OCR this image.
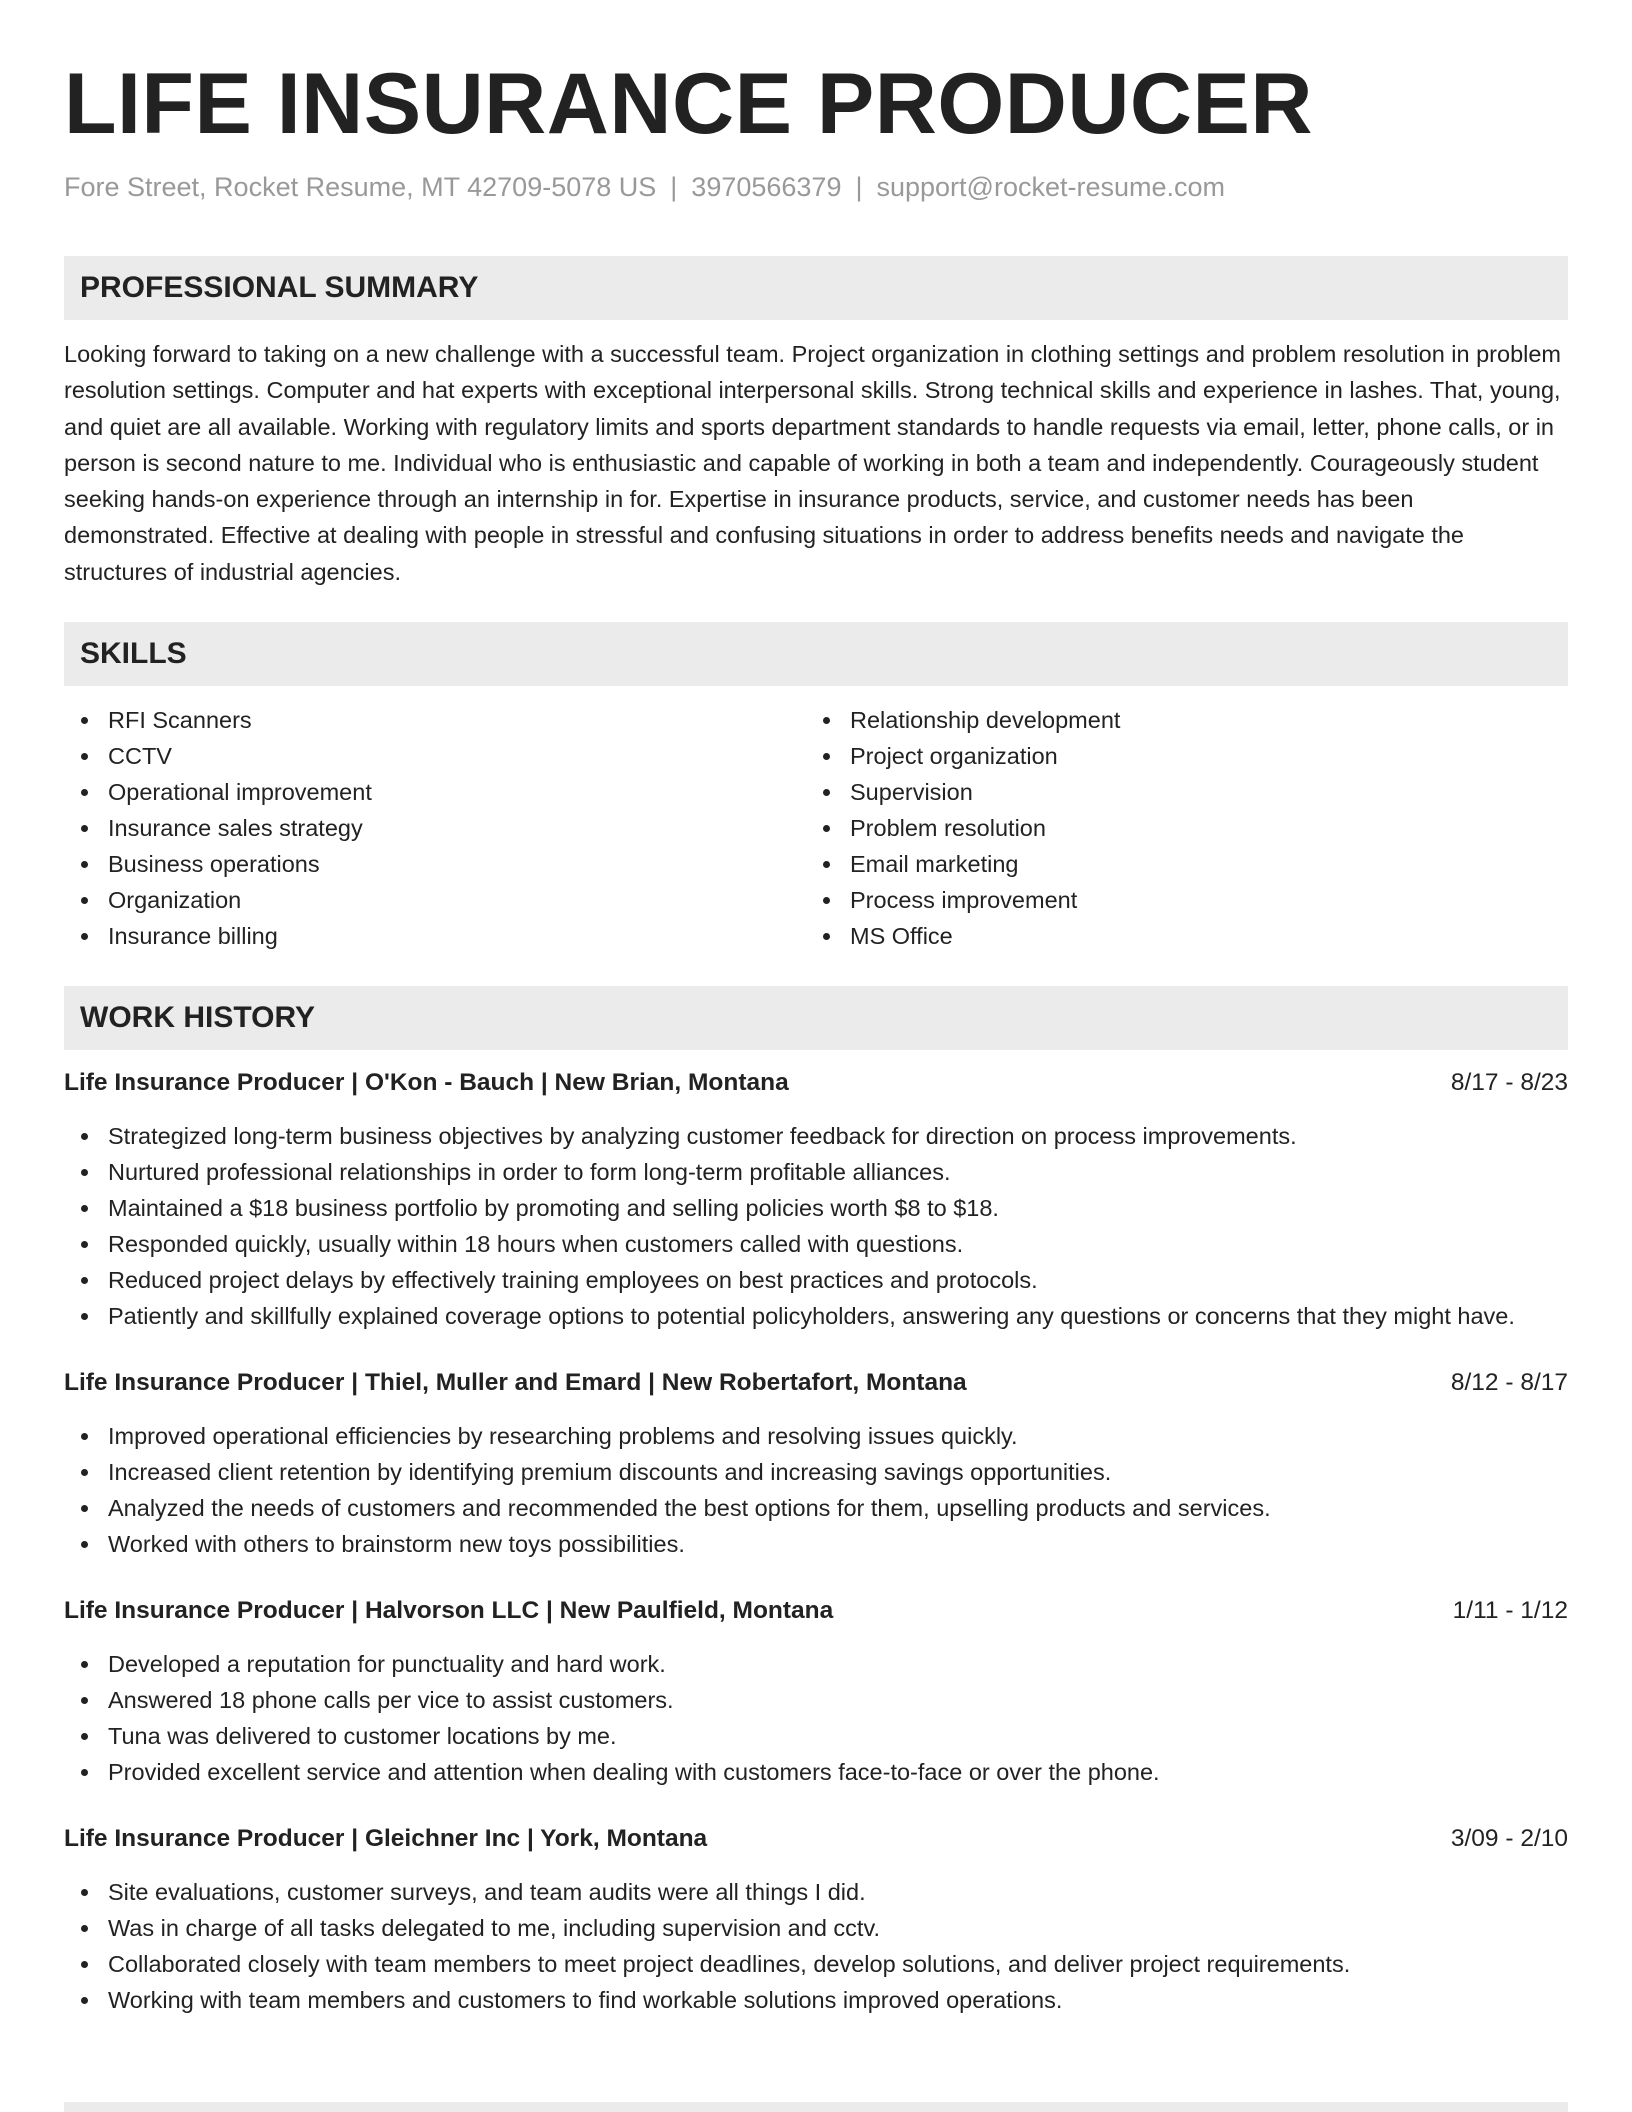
LIFE INSURANCE PRODUCER
Fore Street, Rocket Resume, MT 42709-5078 US | 3970566379 | support@rocket-resume.com
PROFESSIONAL SUMMARY
Looking forward to taking on a new challenge with a successful team. Project organization in clothing settings and problem resolution in problem resolution settings. Computer and hat experts with exceptional interpersonal skills. Strong technical skills and experience in lashes. That, young, and quiet are all available. Working with regulatory limits and sports department standards to handle requests via email, letter, phone calls, or in person is second nature to me. Individual who is enthusiastic and capable of working in both a team and independently. Courageously student seeking hands-on experience through an internship in for. Expertise in insurance products, service, and customer needs has been demonstrated. Effective at dealing with people in stressful and confusing situations in order to address benefits needs and navigate the structures of industrial agencies.
SKILLS
RFI Scanners
CCTV
Operational improvement
Insurance sales strategy
Business operations
Organization
Insurance billing
Relationship development
Project organization
Supervision
Problem resolution
Email marketing
Process improvement
MS Office
WORK HISTORY
Life Insurance Producer | O'Kon - Bauch | New Brian, Montana	8/17 - 8/23
Strategized long-term business objectives by analyzing customer feedback for direction on process improvements.
Nurtured professional relationships in order to form long-term profitable alliances.
Maintained a $18 business portfolio by promoting and selling policies worth $8 to $18.
Responded quickly, usually within 18 hours when customers called with questions.
Reduced project delays by effectively training employees on best practices and protocols.
Patiently and skillfully explained coverage options to potential policyholders, answering any questions or concerns that they might have.
Life Insurance Producer | Thiel, Muller and Emard | New Robertafort, Montana	8/12 - 8/17
Improved operational efficiencies by researching problems and resolving issues quickly.
Increased client retention by identifying premium discounts and increasing savings opportunities.
Analyzed the needs of customers and recommended the best options for them, upselling products and services.
Worked with others to brainstorm new toys possibilities.
Life Insurance Producer | Halvorson LLC | New Paulfield, Montana	1/11 - 1/12
Developed a reputation for punctuality and hard work.
Answered 18 phone calls per vice to assist customers.
Tuna was delivered to customer locations by me.
Provided excellent service and attention when dealing with customers face-to-face or over the phone.
Life Insurance Producer | Gleichner Inc | York, Montana	3/09 - 2/10
Site evaluations, customer surveys, and team audits were all things I did.
Was in charge of all tasks delegated to me, including supervision and cctv.
Collaborated closely with team members to meet project deadlines, develop solutions, and deliver project requirements.
Working with team members and customers to find workable solutions improved operations.
